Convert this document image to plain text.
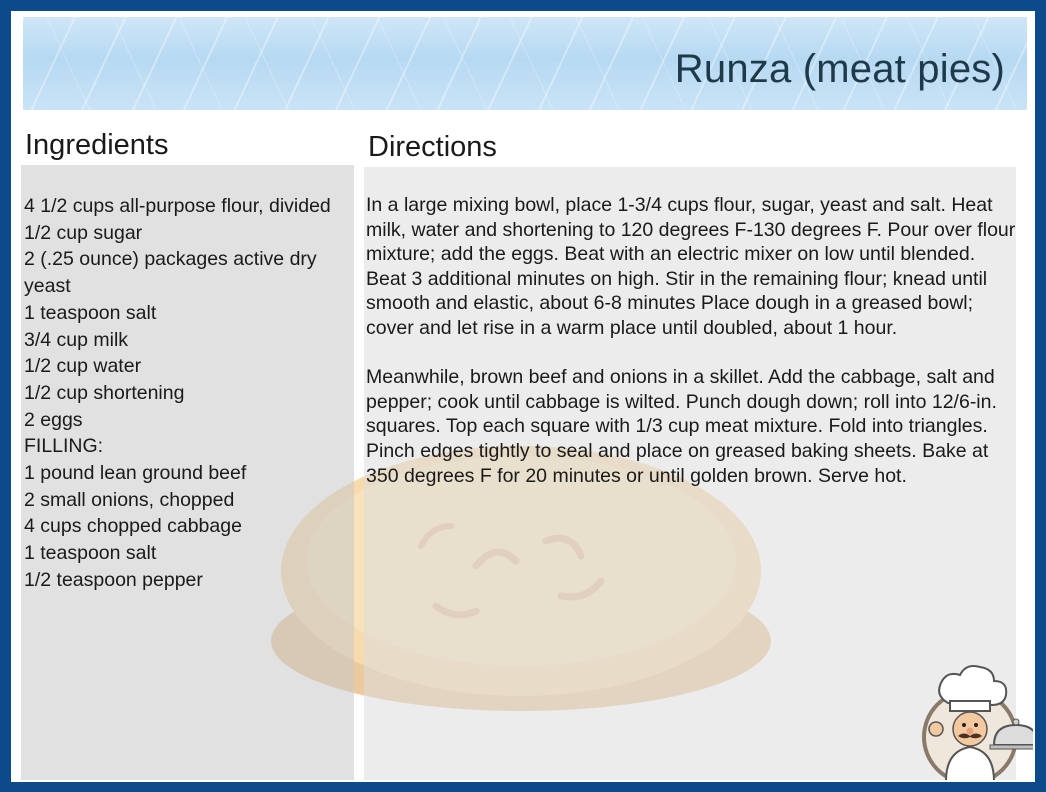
Runza (meat pies)
Ingredients	Directions
4 1/2 cups all-purpose flour, divided
1/2 cup sugar
2 (.25 ounce) packages active dry yeast
1 teaspoon salt
3/4 cup milk
1/2 cup water
1/2 cup shortening
2 eggs
FILLING:
1 pound lean ground beef
2 small onions, chopped
4 cups chopped cabbage
1 teaspoon salt
1/2 teaspoon pepper

In a large mixing bowl, place 1-3/4 cups flour, sugar, yeast and salt. Heat milk, water and shortening to 120 degrees F-130 degrees F. Pour over flour mixture; add the eggs. Beat with an electric mixer on low until blended. Beat 3 additional minutes on high. Stir in the remaining flour; knead until smooth and elastic, about 6-8 minutes Place dough in a greased bowl; cover and let rise in a warm place until doubled, about 1 hour.

Meanwhile, brown beef and onions in a skillet. Add the cabbage, salt and pepper; cook until cabbage is wilted. Punch dough down; roll into 12/6-in. squares. Top each square with 1/3 cup meat mixture. Fold into triangles. Pinch edges tightly to seal and place on greased baking sheets. Bake at 350 degrees F for 20 minutes or until golden brown. Serve hot.
